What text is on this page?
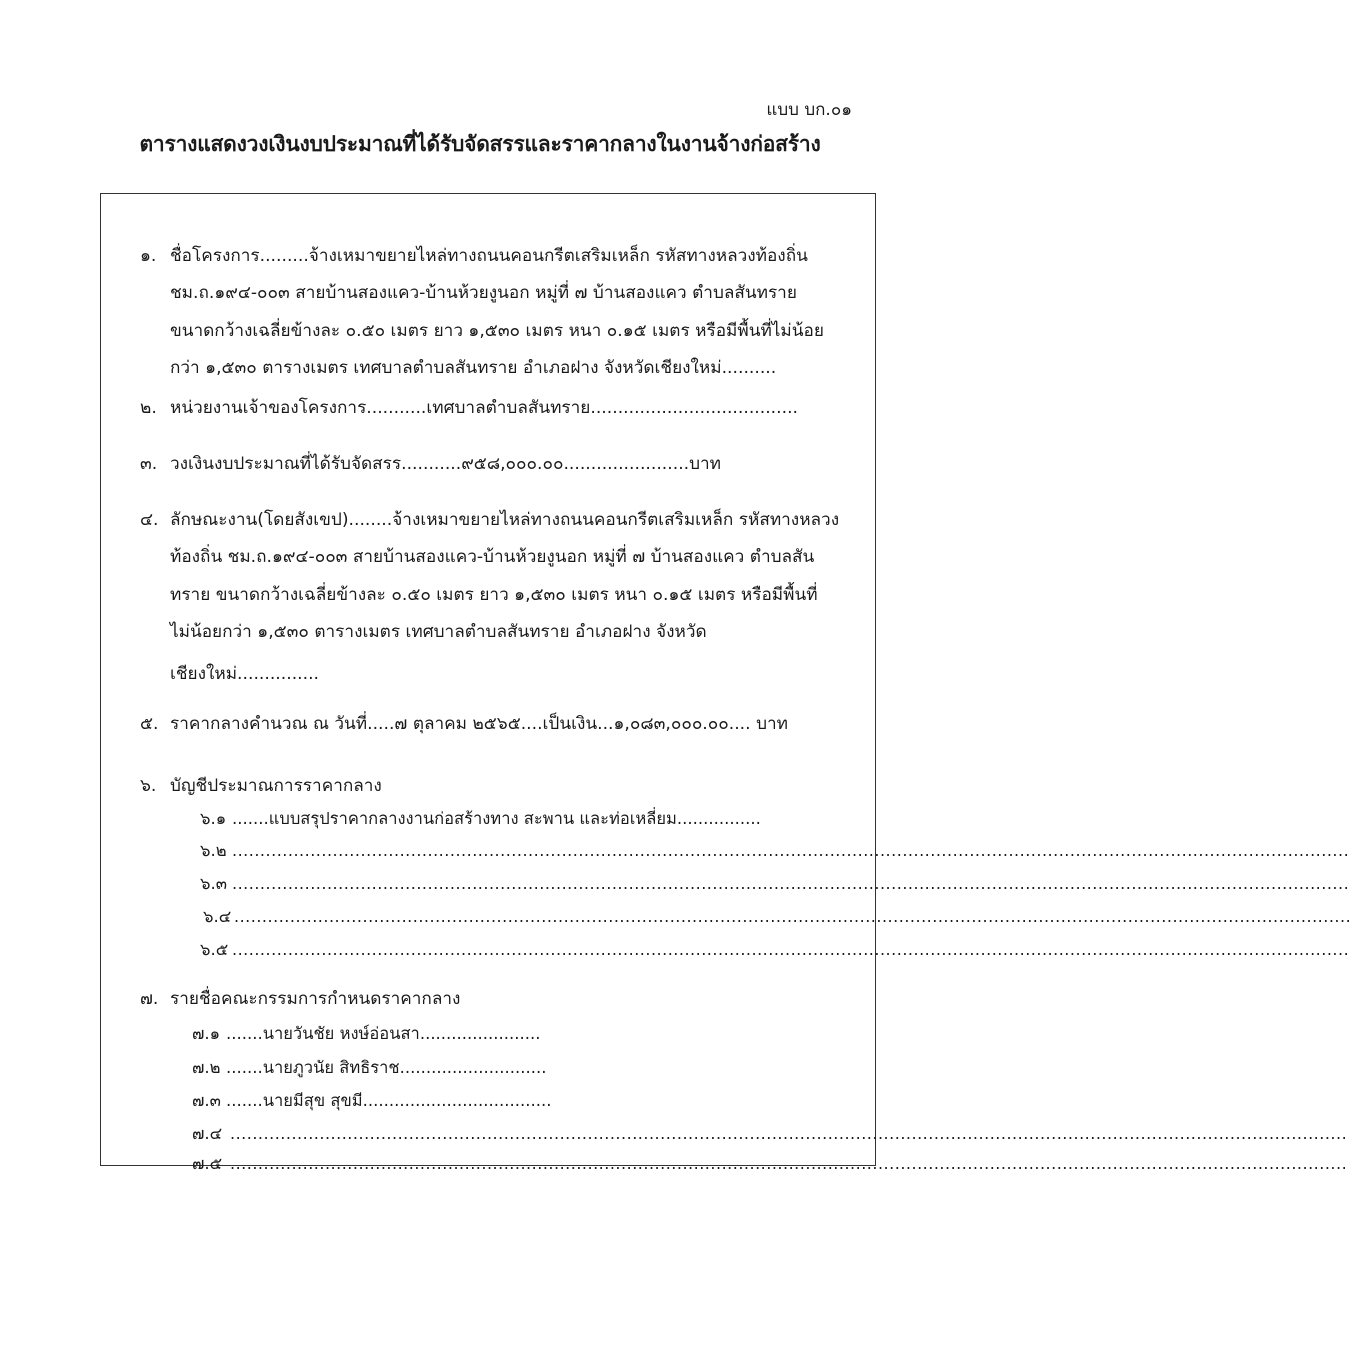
แบบ บก.๐๑
ตารางแสดงวงเงินงบประมาณที่ได้รับจัดสรรและราคากลางในงานจ้างก่อสร้าง
๑. ชื่อโครงการ.........จ้างเหมาขยายไหล่ทางถนนคอนกรีตเสริมเหล็ก รหัสทางหลวงท้องถิ่น
ชม.ถ.๑๙๔-๐๐๓ สายบ้านสองแคว-บ้านห้วยงูนอก หมู่ที่ ๗ บ้านสองแคว ตำบลสันทราย
ขนาดกว้างเฉลี่ยข้างละ ๐.๕๐ เมตร ยาว ๑,๕๓๐ เมตร หนา ๐.๑๕ เมตร หรือมีพื้นที่ไม่น้อย
กว่า ๑,๕๓๐ ตารางเมตร เทศบาลตำบลสันทราย อำเภอฝาง จังหวัดเชียงใหม่..........
๒. หน่วยงานเจ้าของโครงการ...........เทศบาลตำบลสันทราย......................................
๓. วงเงินงบประมาณที่ได้รับจัดสรร...........๙๕๘,๐๐๐.๐๐.......................บาท
๔. ลักษณะงาน(โดยสังเขป)........จ้างเหมาขยายไหล่ทางถนนคอนกรีตเสริมเหล็ก รหัสทางหลวง
ท้องถิ่น ชม.ถ.๑๙๔-๐๐๓ สายบ้านสองแคว-บ้านห้วยงูนอก หมู่ที่ ๗ บ้านสองแคว ตำบลสัน
ทราย ขนาดกว้างเฉลี่ยข้างละ ๐.๕๐ เมตร ยาว ๑,๕๓๐ เมตร หนา ๐.๑๕ เมตร หรือมีพื้นที่
ไม่น้อยกว่า ๑,๕๓๐ ตารางเมตร เทศบาลตำบลสันทราย อำเภอฝาง จังหวัด
เชียงใหม่...............
๕. ราคากลางคำนวณ ณ วันที่.....๗ ตุลาคม ๒๕๖๕....เป็นเงิน...๑,๐๘๓,๐๐๐.๐๐.... บาท
๖. บัญชีประมาณการราคากลาง
๖.๑ .......แบบสรุปราคากลางงานก่อสร้างทาง สะพาน และท่อเหลี่ยม................
๖.๒ ........................................................................................................................................................................................................
๖.๓ ........................................................................................................................................................................................................
๖.๔ ........................................................................................................................................................................................................
๖.๕ ........................................................................................................................................................................................................
๗. รายชื่อคณะกรรมการกำหนดราคากลาง
๗.๑ .......นายวันชัย หงษ์อ่อนสา.......................
๗.๒ .......นายภูวนัย สิทธิราช............................
๗.๓ .......นายมีสุข สุขมี....................................
๗.๔ ........................................................................................................................................................................................................
๗.๕ ........................................................................................................................................................................................................
